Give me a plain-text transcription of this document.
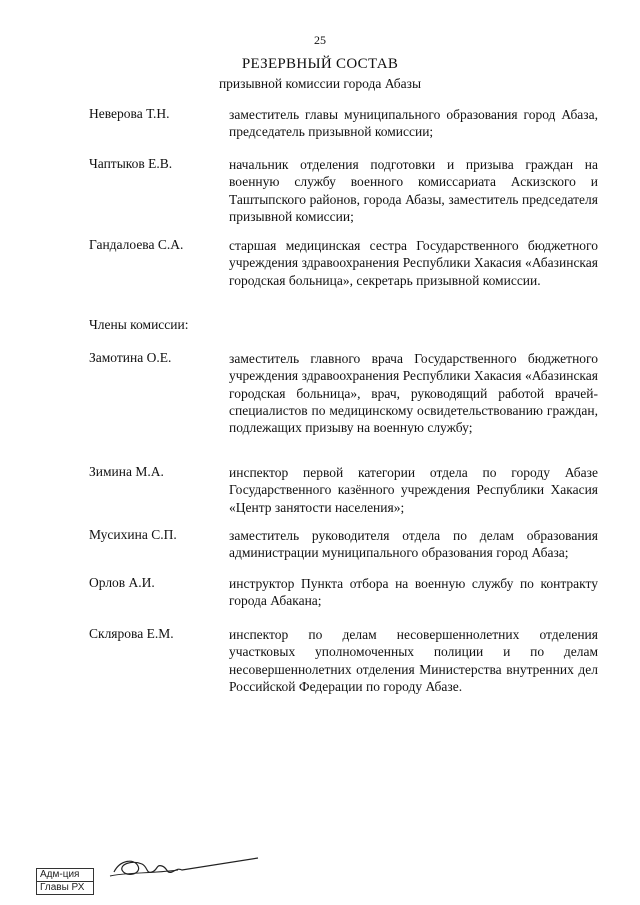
25
РЕЗЕРВНЫЙ СОСТАВ
призывной комиссии города Абазы
Неверова Т.Н.	заместитель главы муниципального образования город Абаза, председатель призывной комиссии;
Чаптыков Е.В.	начальник отделения подготовки и призыва граждан на военную службу военного комиссариата Аскизского и Таштыпского районов, города Абазы, заместитель председателя призывной комиссии;
Гандалоева С.А.	старшая медицинская сестра Государственного бюджетного учреждения здравоохранения Республики Хакасия «Абазинская городская больница», секретарь призывной комиссии.
Члены комиссии:
Замотина О.Е.	заместитель главного врача Государственного бюджетного учреждения здравоохранения Республики Хакасия «Абазинская городская больница», врач, руководящий работой врачей-специалистов по медицинскому освидетельствованию граждан, подлежащих призыву на военную службу;
Зимина М.А.	инспектор первой категории отдела по городу Абазе Государственного казённого учреждения Республики Хакасия «Центр занятости населения»;
Мусихина С.П.	заместитель руководителя отдела по делам образования администрации муниципального образования город Абаза;
Орлов А.И.	инструктор Пункта отбора на военную службу по контракту города Абакана;
Склярова Е.М.	инспектор по делам несовершеннолетних отделения участковых уполномоченных полиции и по делам несовершеннолетних отделения Министерства внутренних дел Российской Федерации по городу Абазе.
Адм-ция
Главы РХ
